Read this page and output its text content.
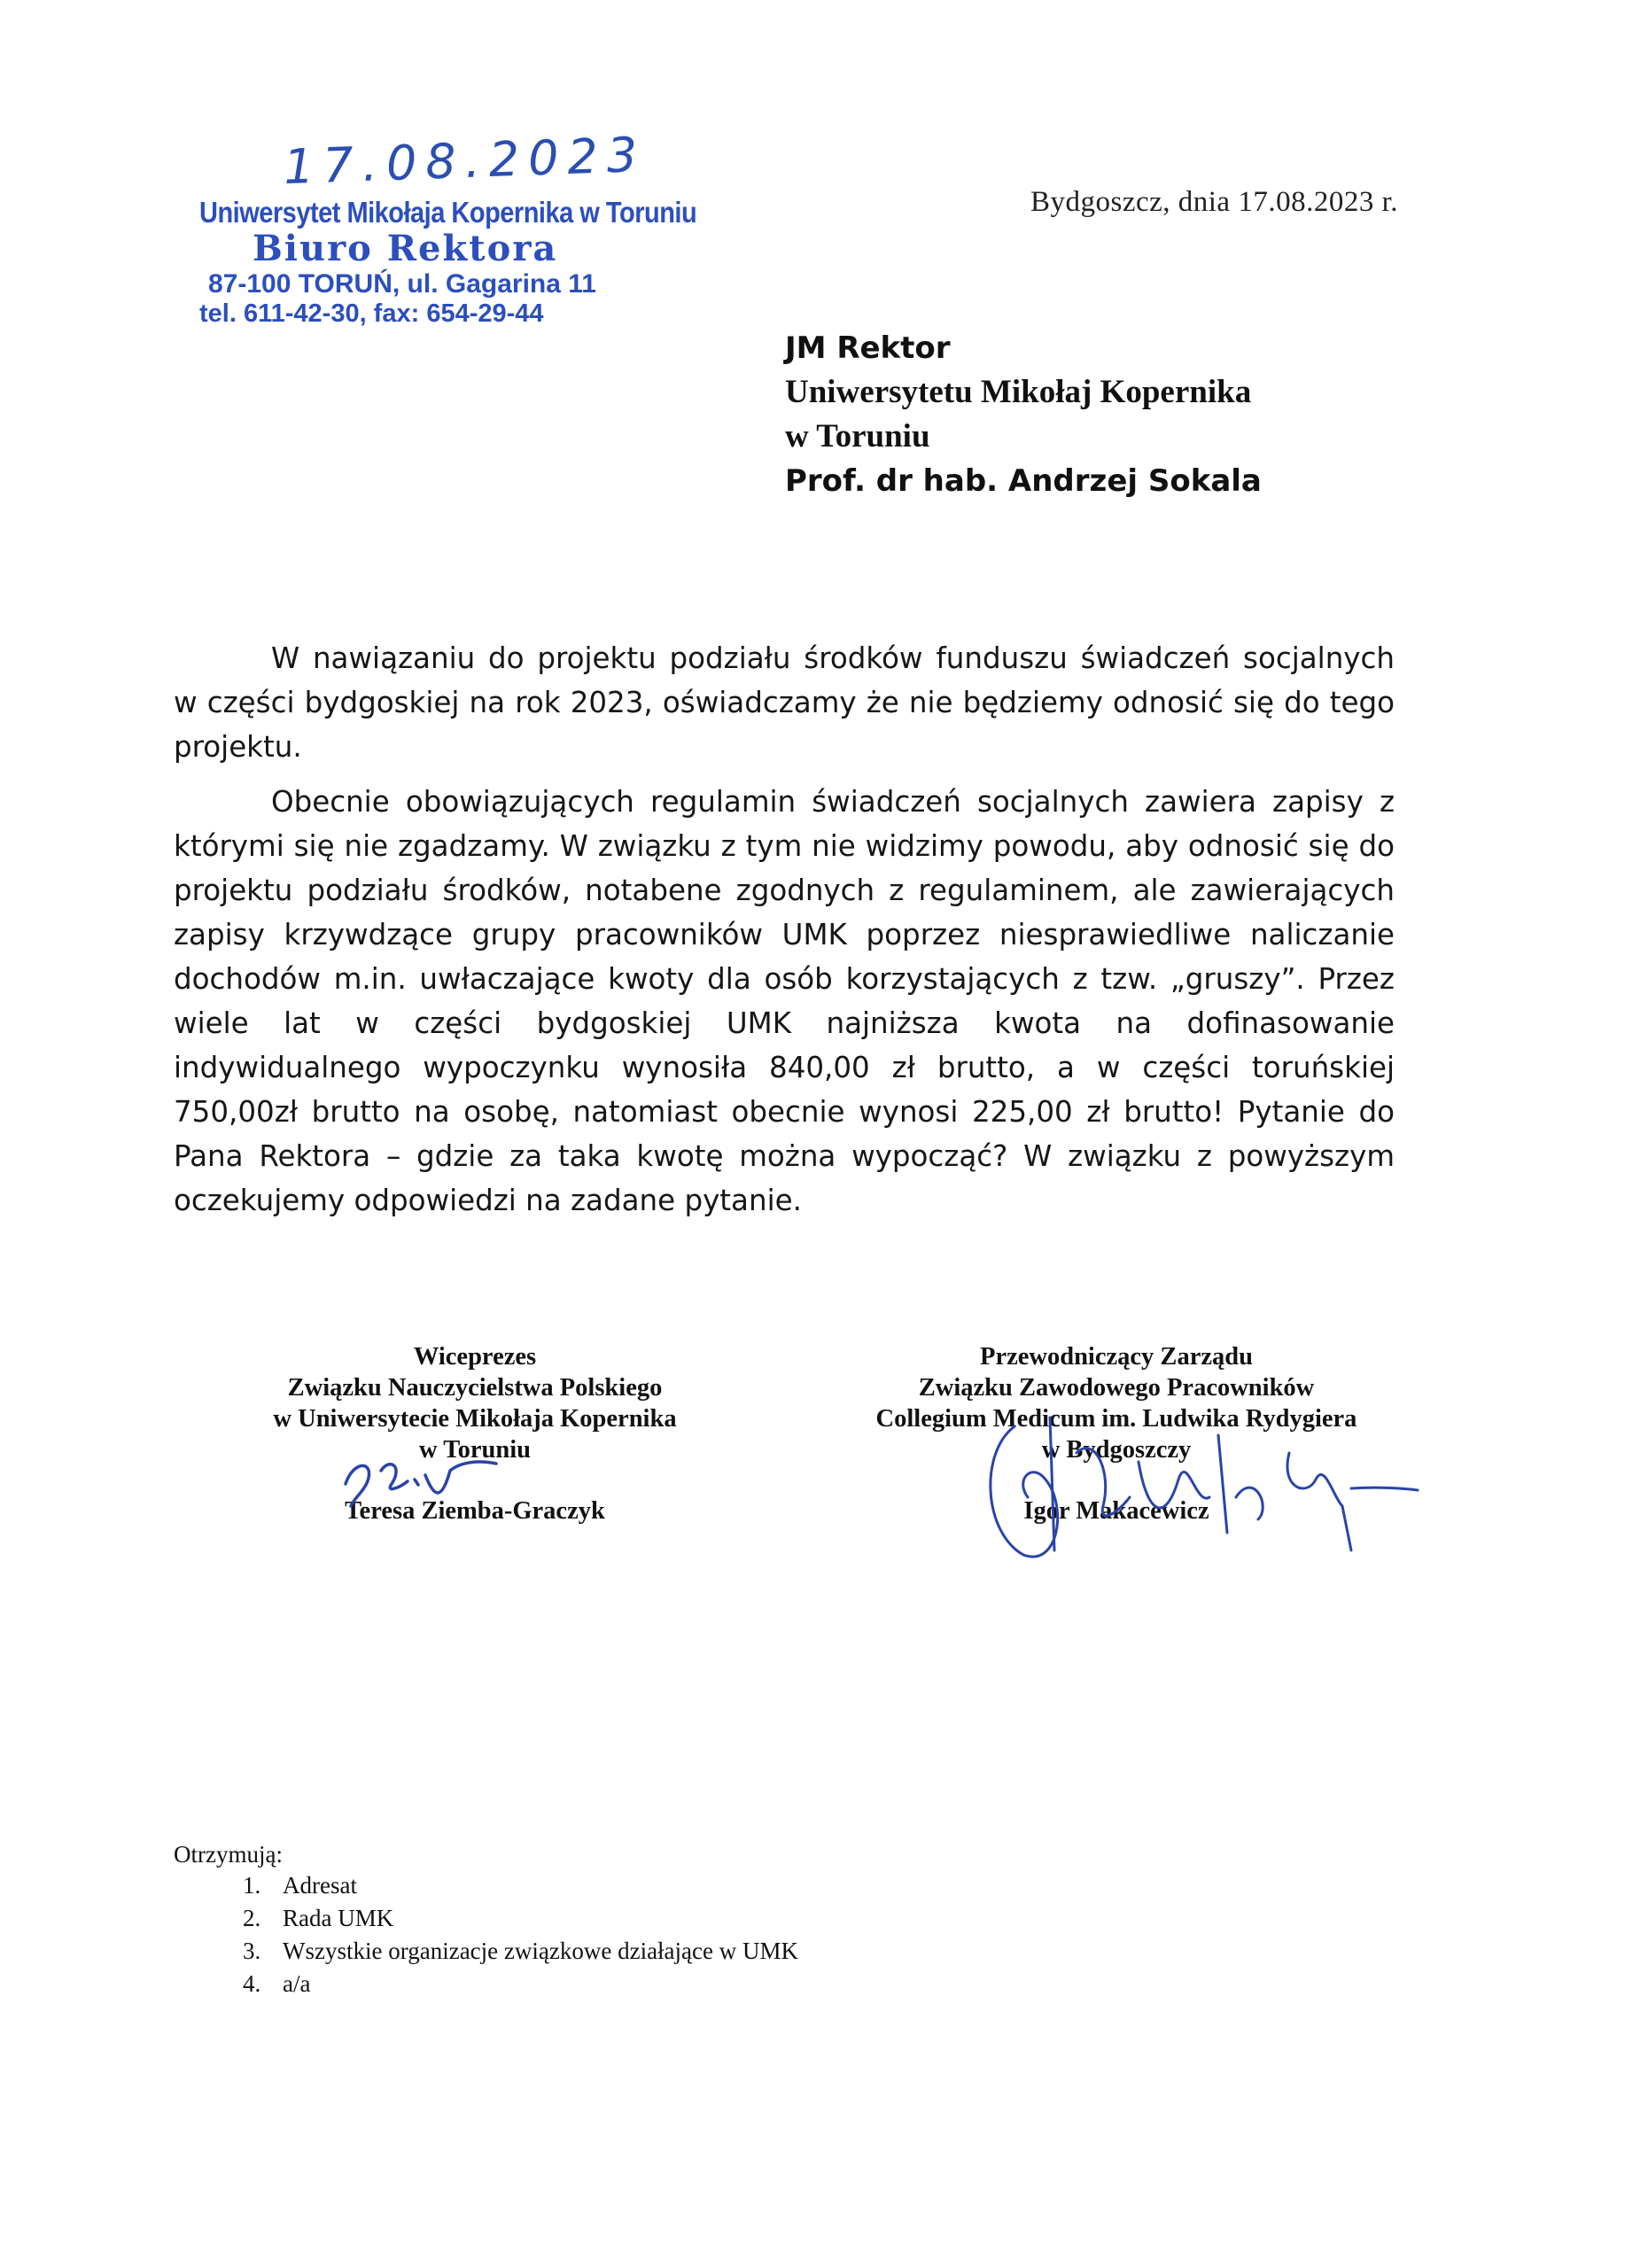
17.08.2023
Uniwersytet Mikołaja Kopernika w Toruniu
Biuro Rektora
87-100 TORUŃ, ul. Gagarina 11
tel. 611-42-30, fax: 654-29-44
Bydgoszcz, dnia 17.08.2023 r.
JM Rektor
Uniwersytetu Mikołaj Kopernika
w Toruniu
Prof. dr hab. Andrzej Sokala

W nawiązaniu do projektu podziału środków funduszu świadczeń socjalnych w części bydgoskiej na rok 2023, oświadczamy że nie będziemy odnosić się do tego projektu.

Obecnie obowiązujących regulamin świadczeń socjalnych zawiera zapisy z którymi się nie zgadzamy. W związku z tym nie widzimy powodu, aby odnosić się do projektu podziału środków, notabene zgodnych z regulaminem, ale zawierających zapisy krzywdzące grupy pracowników UMK poprzez niesprawiedliwe naliczanie dochodów m.in. uwłaczające kwoty dla osób korzystających z tzw. „gruszy”. Przez wiele lat w części bydgoskiej UMK najniższa kwota na dofinasowanie indywidualnego wypoczynku wynosiła 840,00 zł brutto, a w części toruńskiej 750,00zł brutto na osobę, natomiast obecnie wynosi 225,00 zł brutto! Pytanie do Pana Rektora – gdzie za taka kwotę można wypocząć? W związku z powyższym oczekujemy odpowiedzi na zadane pytanie.

Wiceprezes
Związku Nauczycielstwa Polskiego
w Uniwersytecie Mikołaja Kopernika
w Toruniu
Teresa Ziemba-Graczyk
Przewodniczący Zarządu
Związku Zawodowego Pracowników
Collegium Medicum im. Ludwika Rydygiera
w Bydgoszczy
Igor Makacewicz
Otrzymują:
1. Adresat
2. Rada UMK
3. Wszystkie organizacje związkowe działające w UMK
4. a/a
